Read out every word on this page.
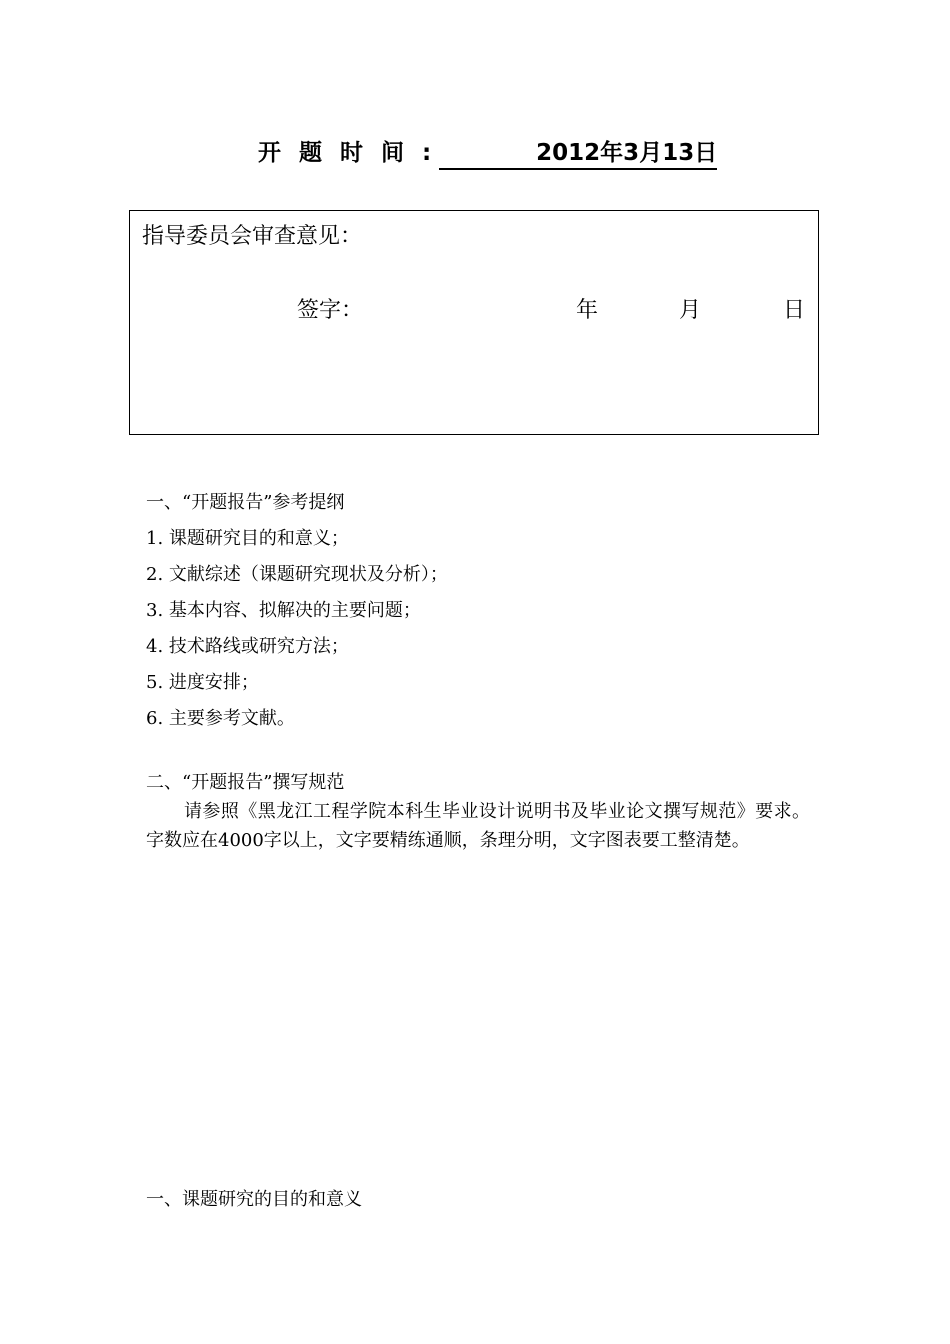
开题时间:	2012年3月13日
指导委员会审查意见：
签字：	年	月	日
一、“开题报告”参考提纲
1. 课题研究目的和意义；
2. 文献综述（课题研究现状及分析）；
3. 基本内容、拟解决的主要问题；
4. 技术路线或研究方法；
5. 进度安排；
6. 主要参考文献。
二、“开题报告”撰写规范
请参照《黑龙江工程学院本科生毕业设计说明书及毕业论文撰写规范》要求。字数应在4000字以上，文字要精练通顺，条理分明，文字图表要工整清楚。
一、课题研究的目的和意义
